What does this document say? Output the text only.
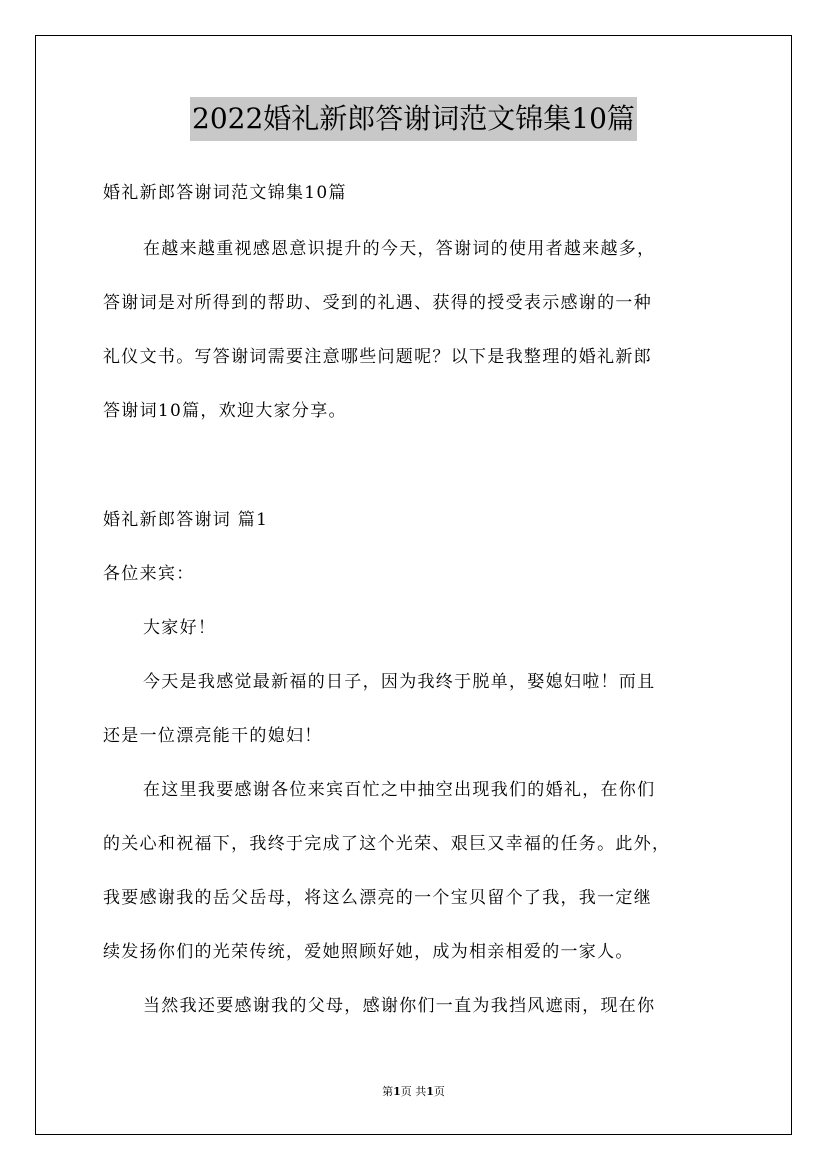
2022婚礼新郎答谢词范文锦集10篇
婚礼新郎答谢词范文锦集10篇
在越来越重视感恩意识提升的今天，答谢词的使用者越来越多，
答谢词是对所得到的帮助、受到的礼遇、获得的授受表示感谢的一种
礼仪文书。写答谢词需要注意哪些问题呢？以下是我整理的婚礼新郎
答谢词10篇，欢迎大家分享。
婚礼新郎答谢词 篇1
各位来宾：
大家好！
今天是我感觉最新福的日子，因为我终于脱单，娶媳妇啦！而且
还是一位漂亮能干的媳妇！
在这里我要感谢各位来宾百忙之中抽空出现我们的婚礼，在你们
的关心和祝福下，我终于完成了这个光荣、艰巨又幸福的任务。此外，
我要感谢我的岳父岳母，将这么漂亮的一个宝贝留个了我，我一定继
续发扬你们的光荣传统，爱她照顾好她，成为相亲相爱的一家人。
当然我还要感谢我的父母，感谢你们一直为我挡风遮雨，现在你
第1页 共1页
